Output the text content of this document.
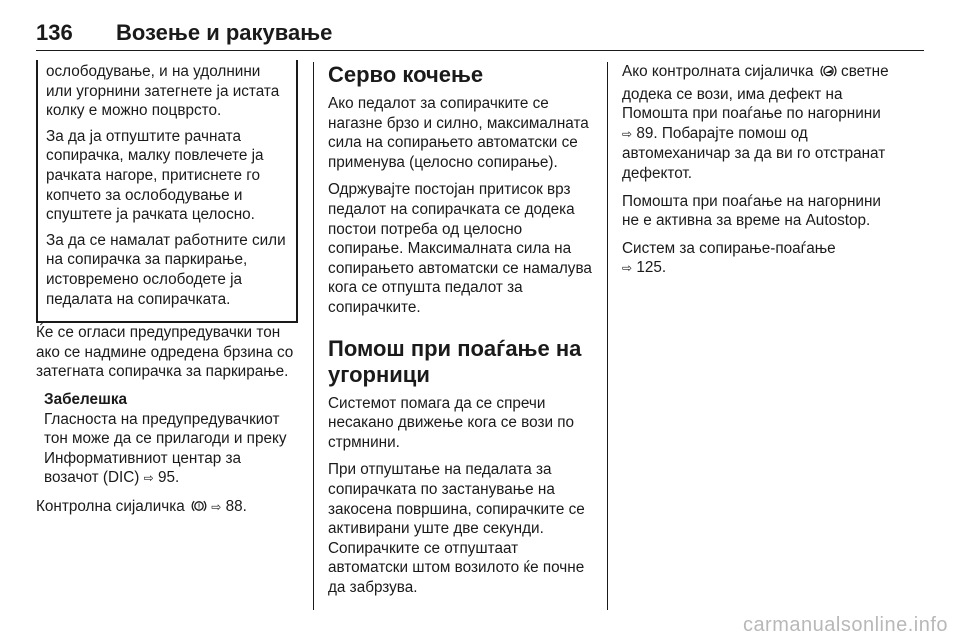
136 Возење и ракување

ослободување, и на удолнини или угорнини затегнете ја истата колку е можно поцврсто.

За да ја отпуштите рачната сопирачка, малку повлечете ја рачката нагоре, притиснете го копчето за ослободување и спуштете ја рачката целосно.

За да се намалат работните сили на сопирачка за паркирање, истовремено ослободете ја педалата на сопирачката.

Ќе се огласи предупредувачки тон ако се надмине одредена брзина со затегната сопирачка за паркирање.

Забелешка
Гласноста на предупредувачкиот тон може да се прилагоди и преку Информативниот центар за возачот (DIC) ⇨ 95.

Контролна сијаличка ! ⇨ 88.

Серво кочење

Ако педалот за сопирачките се нагазне брзо и силно, максималната сила на сопирањето автоматски се применува (целосно сопирање).

Одржувајте постојан притисок врз педалот на сопирачката се додека постои потреба од целосно сопирање. Максималната сила на сопирањето автоматски се намалува кога се отпушта педалот за сопирачките.

Помош при поаѓање на угорници

Системот помага да се спречи несакано движење кога се вози по стрмнини.

При отпуштање на педалата за сопирачката по застанување на закосена површина, сопирачките се активирани уште две секунди. Сопирачките се отпуштаат автоматски штом возилото ќе почне да забрзува.

Ако контролната сијаличка светне додека се вози, има дефект на Помошта при поаѓање по нагорнини ⇨ 89. Побарајте помош од автомеханичар за да ви го отстранат дефектот.

Помошта при поаѓање на нагорнини не е активна за време на Autostop.

Систем за сопирање-поаѓање
⇨ 125.

carmanualsonline.info
